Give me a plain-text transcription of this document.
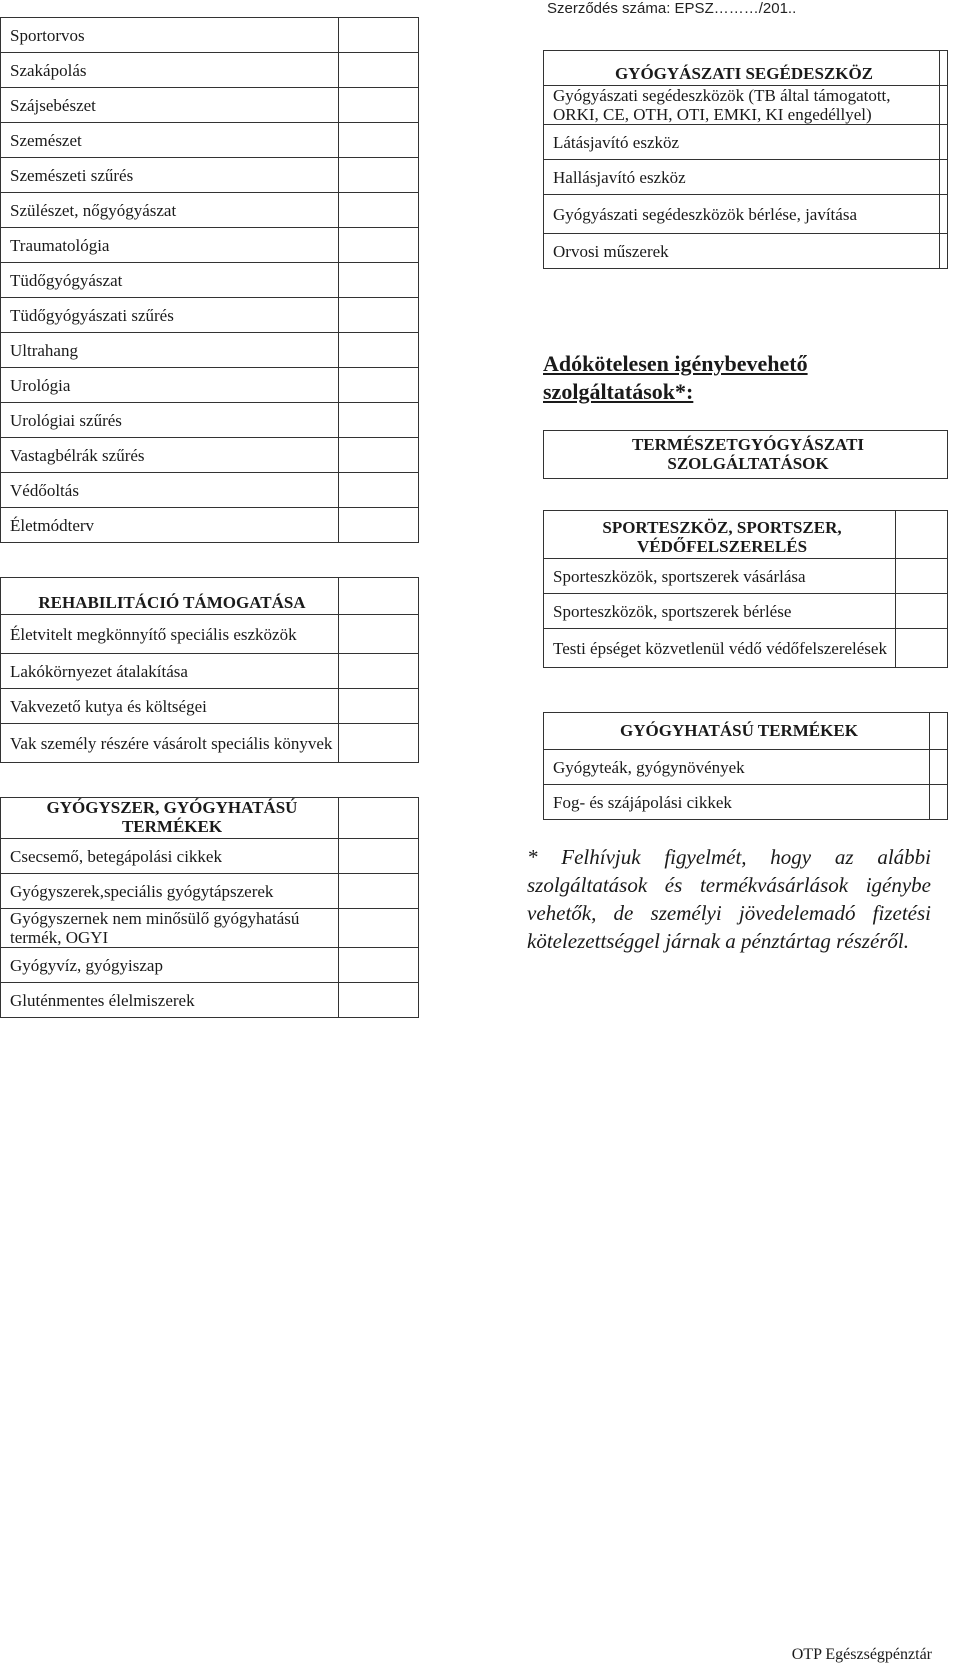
Szerződés száma: EPSZ………/201..
Sportorvos	
Szakápolás	
Szájsebészet	
Szemészet	
Szemészeti szűrés	
Szülészet, nőgyógyászat	
Traumatológia	
Tüdőgyógyászat	
Tüdőgyógyászati szűrés	
Ultrahang	
Urológia	
Urológiai szűrés	
Vastagbélrák szűrés	
Védőoltás	
Életmódterv	

REHABILITÁCIÓ TÁMOGATÁSA	
Életvitelt megkönnyítő speciális eszközök	
Lakókörnyezet átalakítása	
Vakvezető kutya és költségei	
Vak személy részére vásárolt speciális könyvek	

GYÓGYSZER, GYÓGYHATÁSÚ TERMÉKEK	
Csecsemő, betegápolási cikkek	
Gyógyszerek,speciális gyógytápszerek	
Gyógyszernek nem minősülő gyógyhatású termék, OGYI	
Gyógyvíz, gyógyiszap	
Gluténmentes élelmiszerek	
GYÓGYÁSZATI SEGÉDESZKÖZ	
Gyógyászati segédeszközök (TB által támogatott, ORKI, CE, OTH, OTI, EMKI, KI engedéllyel)	
Látásjavító eszköz	
Hallásjavító eszköz	
Gyógyászati segédeszközök bérlése, javítása	
Orvosi műszerek	

Adókötelesen igénybevehető szolgáltatások*:

TERMÉSZETGYÓGYÁSZATI SZOLGÁLTATÁSOK
SPORTESZKÖZ, SPORTSZER, VÉDŐFELSZERELÉS	
Sporteszközök, sportszerek vásárlása	
Sporteszközök, sportszerek bérlése	
Testi épséget közvetlenül védő védőfelszerelések	
GYÓGYHATÁSÚ TERMÉKEK	
Gyógyteák, gyógynövények	
Fog- és szájápolási cikkek	
* Felhívjuk figyelmét, hogy az alábbi szolgáltatások és termékvásárlások igénybe vehetők, de személyi jövedelemadó fizetési kötelezettséggel járnak a pénztártag részéről.
OTP Egészségpénztár
